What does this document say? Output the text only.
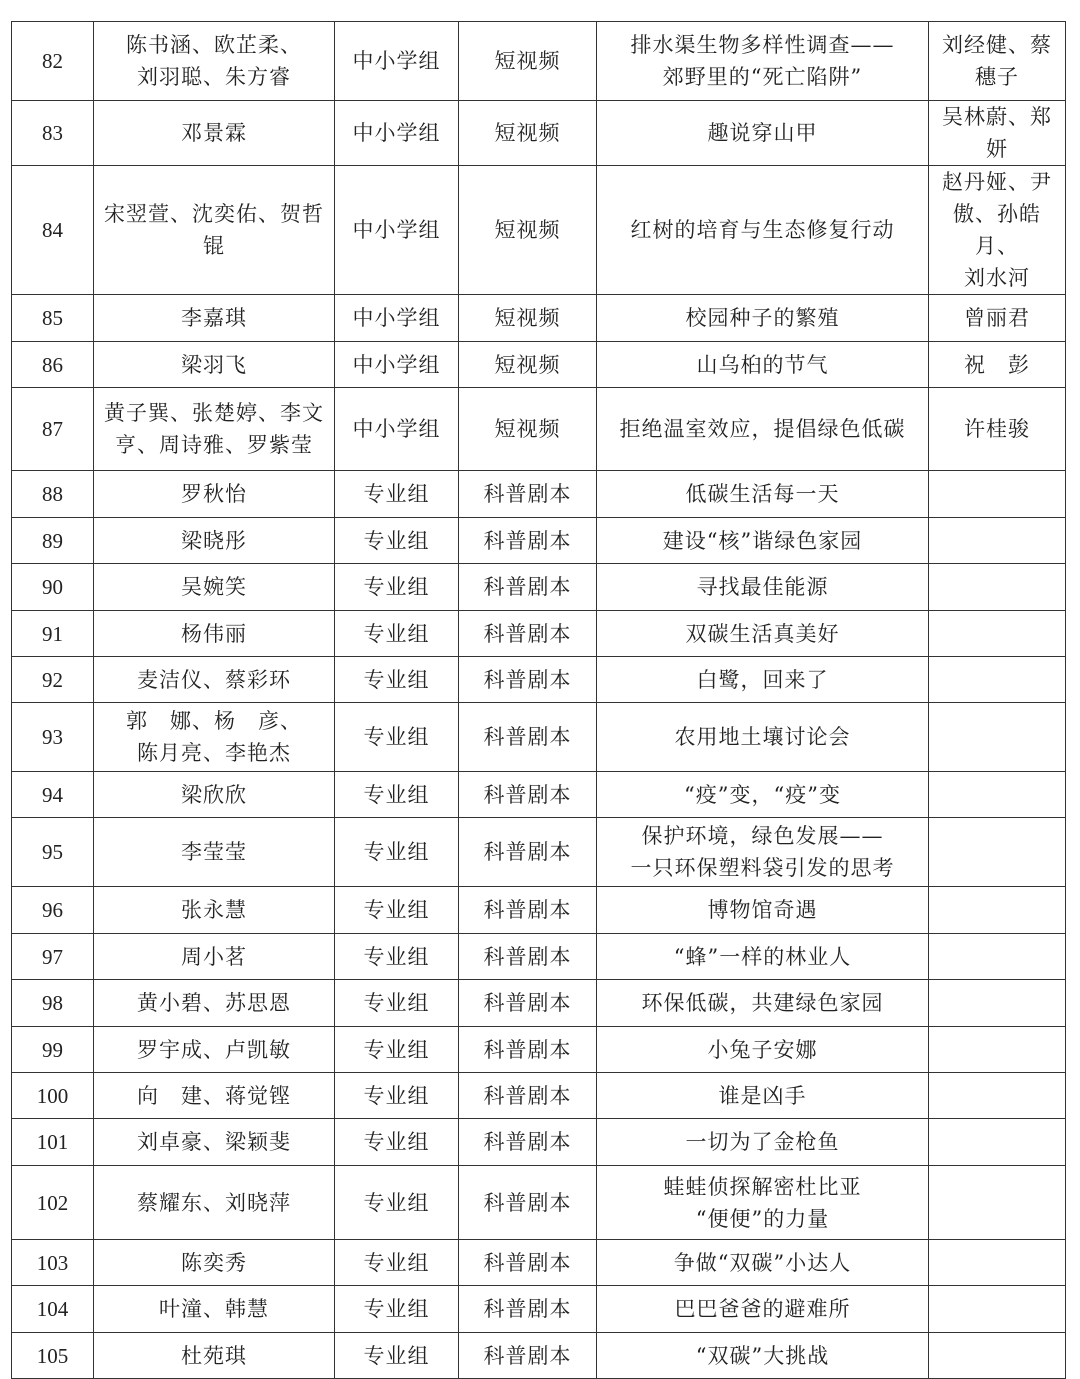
82	陈书涵、欧芷柔、
刘羽聪、朱方睿	中小学组	短视频	排水渠生物多样性调查——
郊野里的“死亡陷阱”	刘经健、蔡
穗子

83	邓景霖	中小学组	短视频	趣说穿山甲	吴林蔚、郑妍

84	宋翌萱、沈奕佑、贺哲锟	中小学组	短视频	红树的培育与生态修复行动	赵丹娅、尹
傲、孙皓月、
刘水河

85	李嘉琪	中小学组	短视频	校园种子的繁殖	曾丽君

86	梁羽飞	中小学组	短视频	山乌桕的节气	祝　彭

87	黄子巽、张楚婷、李文
亨、周诗雅、罗紫莹	中小学组	短视频	拒绝温室效应，提倡绿色低碳	许桂骏

88	罗秋怡	专业组	科普剧本	低碳生活每一天	

89	梁晓彤	专业组	科普剧本	建设“核”谐绿色家园	

90	吴婉笑	专业组	科普剧本	寻找最佳能源	

91	杨伟丽	专业组	科普剧本	双碳生活真美好	

92	麦洁仪、蔡彩环	专业组	科普剧本	白鹭，回来了	

93	郭　娜、杨　彦、
陈月亮、李艳杰	专业组	科普剧本	农用地土壤讨论会	

94	梁欣欣	专业组	科普剧本	“疫”变，“疫”变	

95	李莹莹	专业组	科普剧本	保护环境，绿色发展——
一只环保塑料袋引发的思考	

96	张永慧	专业组	科普剧本	博物馆奇遇	

97	周小茗	专业组	科普剧本	“蜂”一样的林业人	

98	黄小碧、苏思恩	专业组	科普剧本	环保低碳，共建绿色家园	

99	罗宇成、卢凯敏	专业组	科普剧本	小兔子安娜	

100	向　建、蒋觉铿	专业组	科普剧本	谁是凶手	

101	刘卓豪、梁颖斐	专业组	科普剧本	一切为了金枪鱼	

102	蔡耀东、刘晓萍	专业组	科普剧本	蛙蛙侦探解密杜比亚
“便便”的力量	

103	陈奕秀	专业组	科普剧本	争做“双碳”小达人	

104	叶潼、韩慧	专业组	科普剧本	巴巴爸爸的避难所	

105	杜苑琪	专业组	科普剧本	“双碳”大挑战	
